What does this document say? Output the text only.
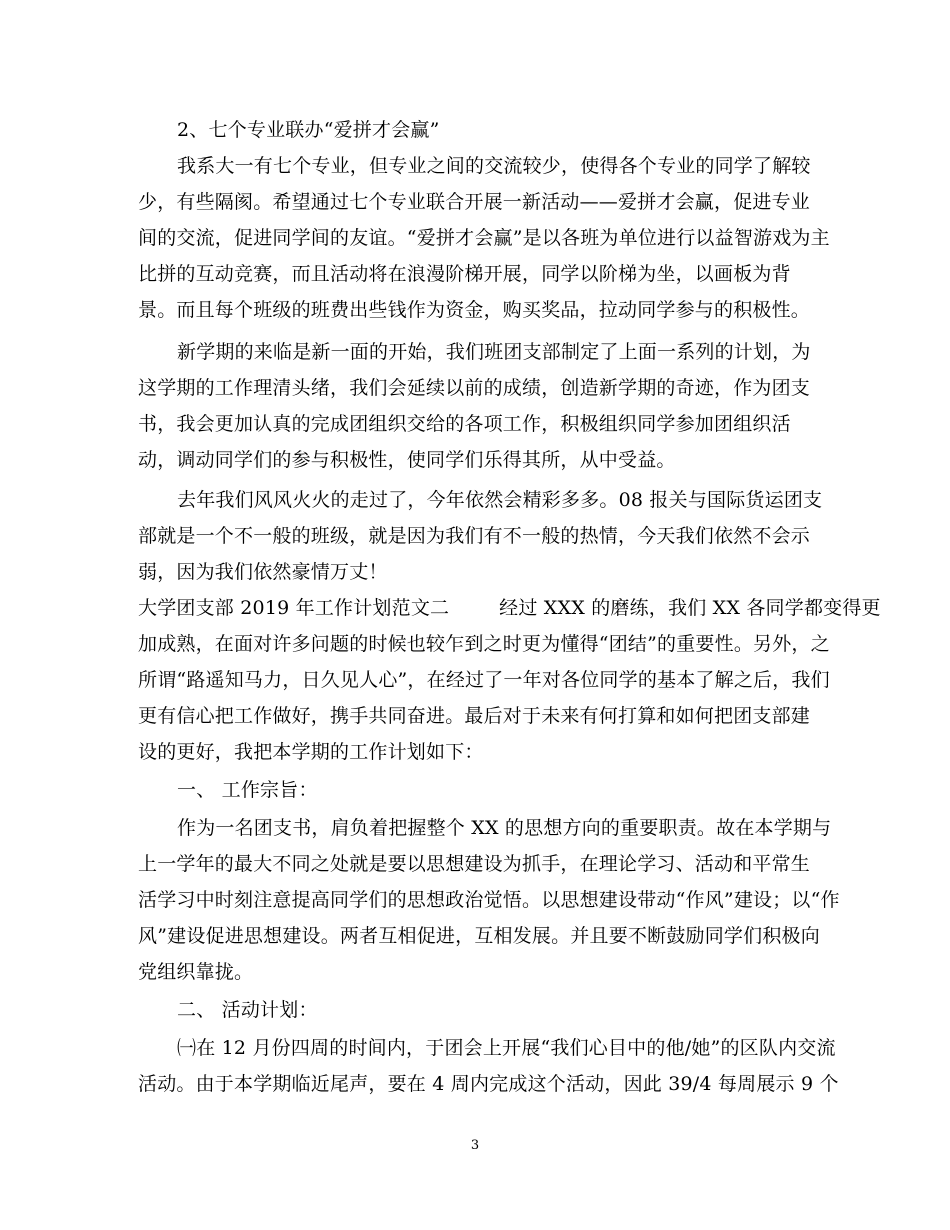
2、七个专业联办“爱拼才会赢”
我系大一有七个专业，但专业之间的交流较少，使得各个专业的同学了解较
少，有些隔阂。希望通过七个专业联合开展一新活动——爱拼才会赢，促进专业
间的交流，促进同学间的友谊。“爱拼才会赢”是以各班为单位进行以益智游戏为主
比拼的互动竞赛，而且活动将在浪漫阶梯开展，同学以阶梯为坐，以画板为背
景。而且每个班级的班费出些钱作为资金，购买奖品，拉动同学参与的积极性。
新学期的来临是新一面的开始，我们班团支部制定了上面一系列的计划，为
这学期的工作理清头绪，我们会延续以前的成绩，创造新学期的奇迹，作为团支
书，我会更加认真的完成团组织交给的各项工作，积极组织同学参加团组织活
动，调动同学们的参与积极性，使同学们乐得其所，从中受益。
去年我们风风火火的走过了，今年依然会精彩多多。08 报关与国际货运团支
部就是一个不一般的班级，就是因为我们有不一般的热情，今天我们依然不会示
弱，因为我们依然豪情万丈！
大学团支部 2019 年工作计划范文二        经过 XXX 的磨练，我们 XX 各同学都变得更
加成熟，在面对许多问题的时候也较乍到之时更为懂得“团结”的重要性。另外，之
所谓“路遥知马力，日久见人心”，在经过了一年对各位同学的基本了解之后，我们
更有信心把工作做好，携手共同奋进。最后对于未来有何打算和如何把团支部建
设的更好，我把本学期的工作计划如下：
一、 工作宗旨：
作为一名团支书，肩负着把握整个 XX 的思想方向的重要职责。故在本学期与
上一学年的最大不同之处就是要以思想建设为抓手，在理论学习、活动和平常生
活学习中时刻注意提高同学们的思想政治觉悟。以思想建设带动“作风”建设；以“作
风”建设促进思想建设。两者互相促进，互相发展。并且要不断鼓励同学们积极向
党组织靠拢。
二、 活动计划：
㈠在 12 月份四周的时间内，于团会上开展“我们心目中的他/她”的区队内交流
活动。由于本学期临近尾声，要在 4 周内完成这个活动，因此 39/4 每周展示 9 个
3
